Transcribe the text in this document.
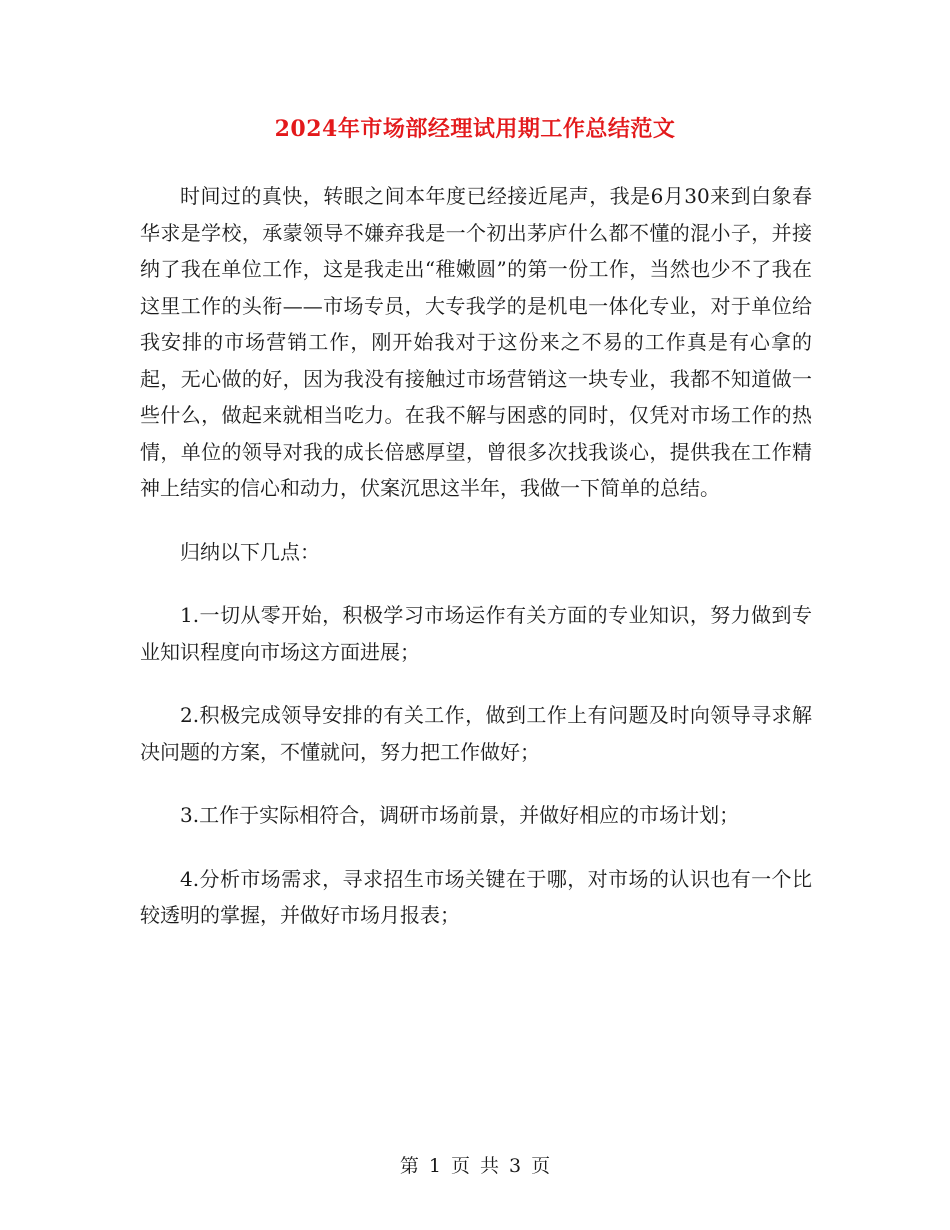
2024年市场部经理试用期工作总结范文

时间过的真快，转眼之间本年度已经接近尾声，我是6月30来到白象春华求是学校，承蒙领导不嫌弃我是一个初出茅庐什么都不懂的混小子，并接纳了我在单位工作，这是我走出“稚嫩圆”的第一份工作，当然也少不了我在这里工作的头衔——市场专员，大专我学的是机电一体化专业，对于单位给我安排的市场营销工作，刚开始我对于这份来之不易的工作真是有心拿的起，无心做的好，因为我没有接触过市场营销这一块专业，我都不知道做一些什么，做起来就相当吃力。在我不解与困惑的同时，仅凭对市场工作的热情，单位的领导对我的成长倍感厚望，曾很多次找我谈心，提供我在工作精神上结实的信心和动力，伏案沉思这半年，我做一下简单的总结。

归纳以下几点：

1.一切从零开始，积极学习市场运作有关方面的专业知识，努力做到专业知识程度向市场这方面进展；

2.积极完成领导安排的有关工作，做到工作上有问题及时向领导寻求解决问题的方案，不懂就问，努力把工作做好；

3.工作于实际相符合，调研市场前景，并做好相应的市场计划；

4.分析市场需求，寻求招生市场关键在于哪，对市场的认识也有一个比较透明的掌握，并做好市场月报表；

第 1 页 共 3 页
